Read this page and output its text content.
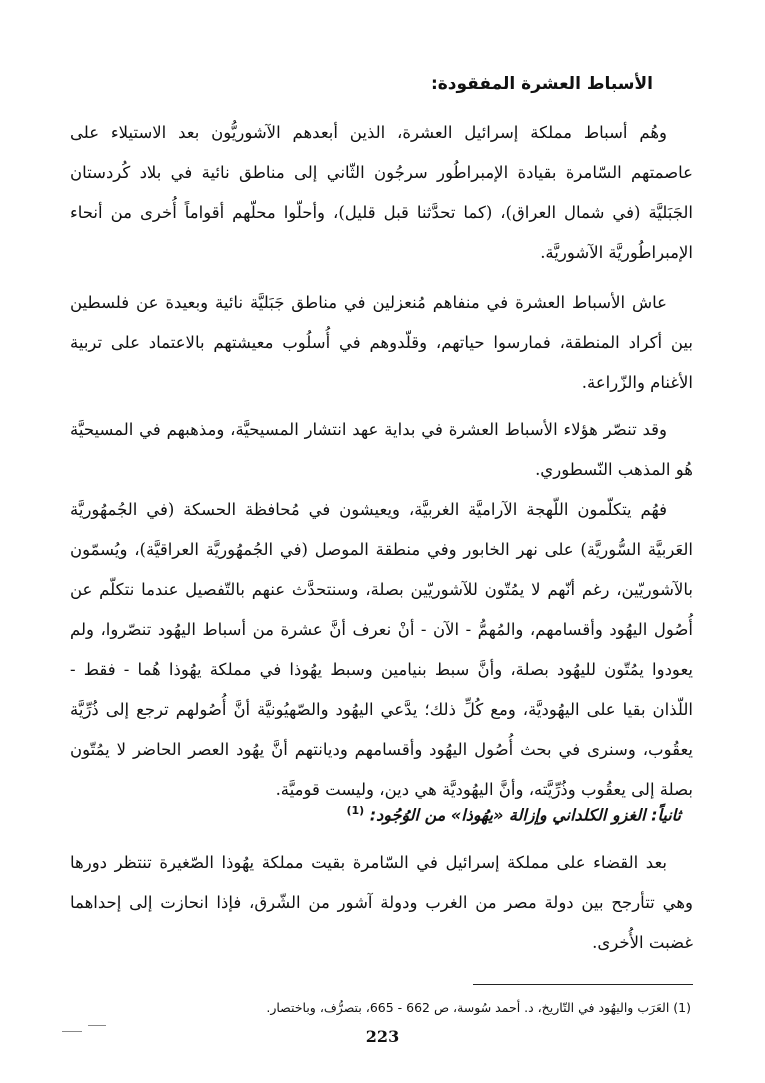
الأسباط العشرة المفقودة:

وهُم أسباط مملكة إسرائيل العشرة، الذين أبعدهم الآشوريُّون بعد الاستيلاء على عاصمتهم السّامرة بقيادة الإمبراطُور سرجُون الثّاني إلى مناطق نائية في بلاد كُردستان الجَبَليَّة (في شمال العراق)، (كما تحدَّثنا قبل قليل)، وأحلّوا محلّهم أقواماً أُخرى من أنحاء الإمبراطُوريَّة الآشوريَّة.

عاش الأسباط العشرة في منفاهم مُنعزلين في مناطق جَبَليَّة نائية وبعيدة عن فلسطين بين أكراد المنطقة، فمارسوا حياتهم، وقلّدوهم في أُسلُوب معيشتهم بالاعتماد على تربية الأغنام والزّراعة.

وقد تنصّر هؤلاء الأسباط العشرة في بداية عهد انتشار المسيحيَّة، ومذهبهم في المسيحيَّة هُو المذهب النّسطوري.

فهُم يتكلّمون اللّهجة الآراميَّة الغربيَّة، ويعيشون في مُحافظة الحسكة (في الجُمهُوريَّة العَربيَّة السُّوريَّة) على نهر الخابور وفي منطقة الموصل (في الجُمهُوريَّة العراقيَّة)، ويُسمّون بالآشوريّين، رغم أنّهم لا يمُتّون للآشوريّين بصلة، وسنتحدَّث عنهم بالتّفصيل عندما نتكلّم عن أُصُول اليهُود وأقسامهم، والمُهمُّ - الآن - أنْ نعرف أنَّ عشرة من أسباط اليهُود تنصّروا، ولم يعودوا يمُتّون لليهُود بصلة، وأنَّ سبط بنيامين وسبط يهُوذا في مملكة يهُوذا هُما - فقط - اللّذان بقيا على اليهُوديَّة، ومع كُلِّ ذلك؛ يدَّعي اليهُود والصّهيُونيَّة أنَّ أُصُولهم ترجع إلى ذُرِّيَّة يعقُوب، وسنرى في بحث أُصُول اليهُود وأقسامهم وديانتهم أنَّ يهُود العصر الحاضر لا يمُتّون بصلة إلى يعقُوب وذُرِّيَّته، وأنَّ اليهُوديَّة هي دين، وليست قوميَّة.

ثانياً: الغزو الكلداني وإزالة «يهُوذا» من الوُجُود: $^{(1)}$

بعد القضاء على مملكة إسرائيل في السّامرة بقيت مملكة يهُوذا الصّغيرة تنتظر دورها وهي تتأرجح بين دولة مصر من الغرب ودولة آشور من الشّرق، فإذا انحازت إلى إحداهما غضبت الأُخرى.

(1) العَرَب واليهُود في التّاريخ، د. أحمد سُوسة، ص 662 - 665، بتصرُّف، وباختصار.
223
